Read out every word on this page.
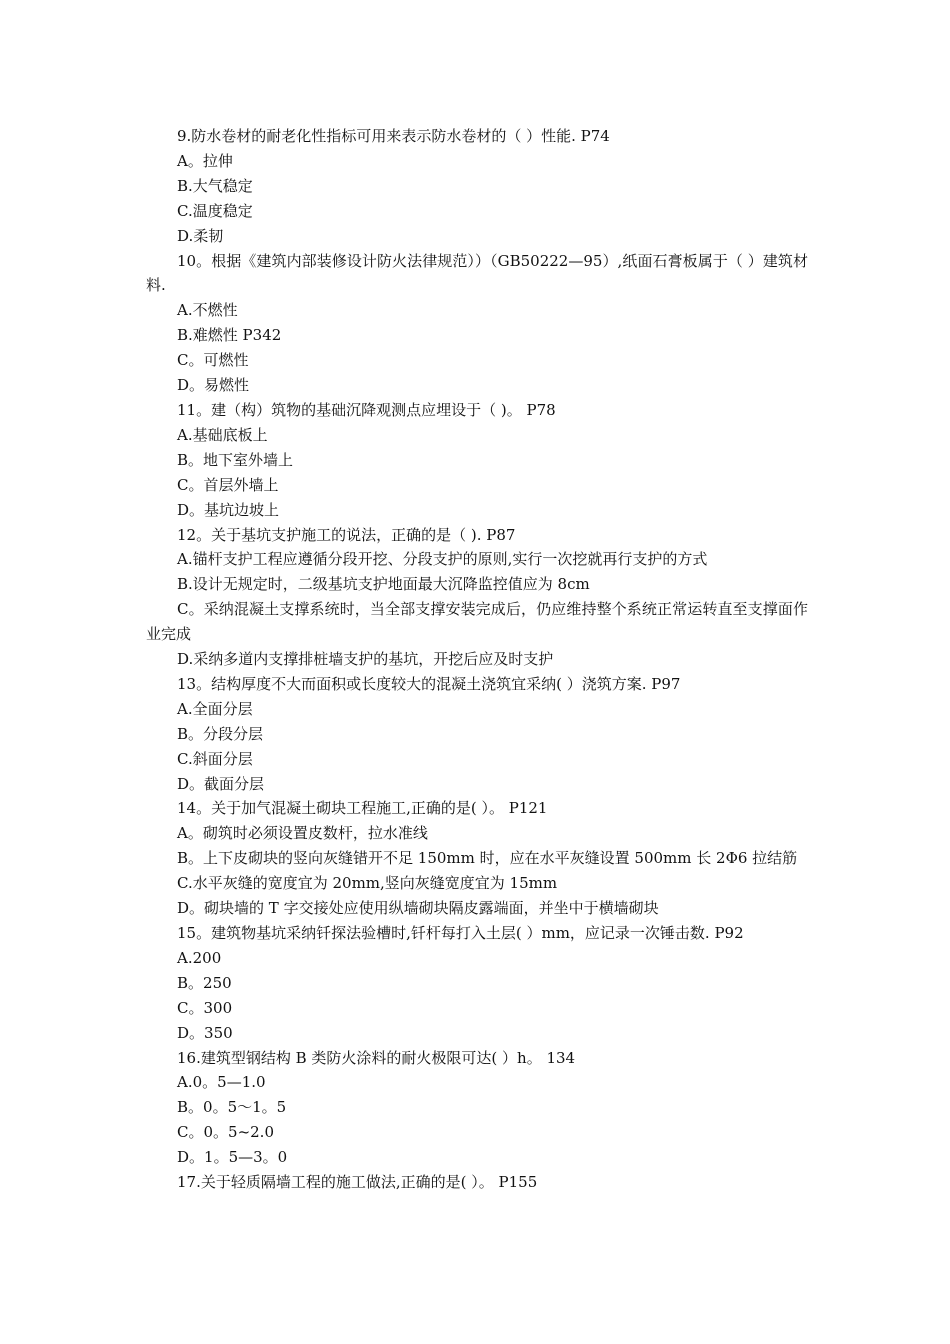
9.防水卷材的耐老化性指标可用来表示防水卷材的（ ）性能. P74

A。拉伸

B.大气稳定

C.温度稳定

D.柔韧

10。根据《建筑内部装修设计防火法律规范））（GB50222—95）,纸面石膏板属于（ ）建筑材料.

A.不燃性

B.难燃性 P342

C。可燃性

D。易燃性

11。建（构）筑物的基础沉降观测点应埋设于（ )。 P78

A.基础底板上

B。地下室外墙上

C。首层外墙上

D。基坑边坡上

12。关于基坑支护施工的说法，正确的是（ ). P87

A.锚杆支护工程应遵循分段开挖、分段支护的原则,实行一次挖就再行支护的方式

B.设计无规定时，二级基坑支护地面最大沉降监控值应为 8cm

C。采纳混凝土支撑系统时，当全部支撑安装完成后，仍应维持整个系统正常运转直至支撑面作业完成

D.采纳多道内支撑排桩墙支护的基坑，开挖后应及时支护

13。结构厚度不大而面积或长度较大的混凝土浇筑宜采纳( ）浇筑方案. P97

A.全面分层

B。分段分层

C.斜面分层

D。截面分层

14。关于加气混凝土砌块工程施工,正确的是( ）。 P121

A。砌筑时必须设置皮数杆，拉水准线

B。上下皮砌块的竖向灰缝错开不足 150mm 时，应在水平灰缝设置 500mm 长 2Φ6 拉结筋

C.水平灰缝的宽度宜为 20mm,竖向灰缝宽度宜为 15mm

D。砌块墙的 T 字交接处应使用纵墙砌块隔皮露端面，并坐中于横墙砌块

15。建筑物基坑采纳钎探法验槽时,钎杆每打入土层( ）mm，应记录一次锤击数. P92

A.200

B。250

C。300

D。350

16.建筑型钢结构 B 类防火涂料的耐火极限可达( ）h。 134

A.0。5—1.0

B。0。5～1。5

C。0。5~2.0

D。1。5—3。0

17.关于轻质隔墙工程的施工做法,正确的是( ）。 P155
